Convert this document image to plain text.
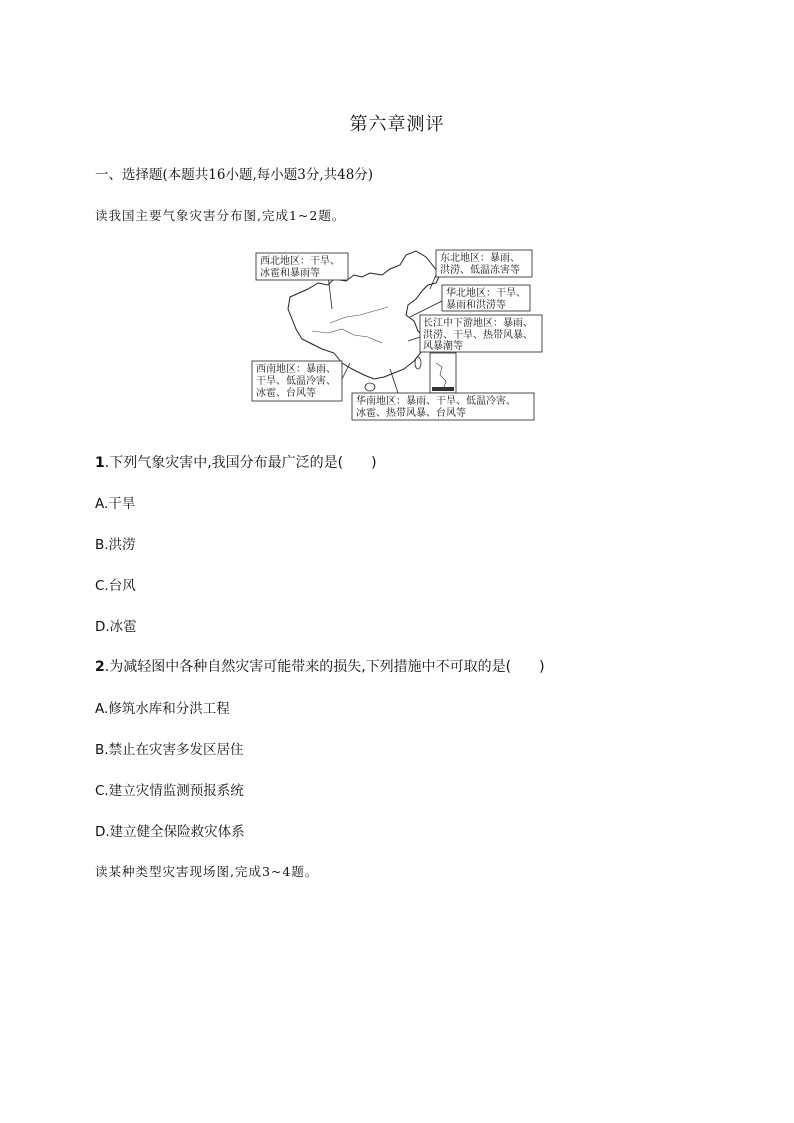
第六章测评
一、选择题(本题共16小题,每小题3分,共48分)
读我国主要气象灾害分布图,完成1~2题。
西北地区：干旱、
冰雹和暴雨等
东北地区：暴雨、
洪涝、低温冻害等
华北地区：干旱、
暴雨和洪涝等
长江中下游地区：暴雨、
洪涝、干旱、热带风暴、
风暴潮等
西南地区：暴雨、
干旱、低温冷害、
冰雹、台风等
华南地区：暴雨、干旱、低温冷害、
冰雹、热带风暴、台风等
1.下列气象灾害中,我国分布最广泛的是(　　)
A.干旱
B.洪涝
C.台风
D.冰雹
2.为减轻图中各种自然灾害可能带来的损失,下列措施中不可取的是(　　)
A.修筑水库和分洪工程
B.禁止在灾害多发区居住
C.建立灾情监测预报系统
D.建立健全保险救灾体系
读某种类型灾害现场图,完成3~4题。
